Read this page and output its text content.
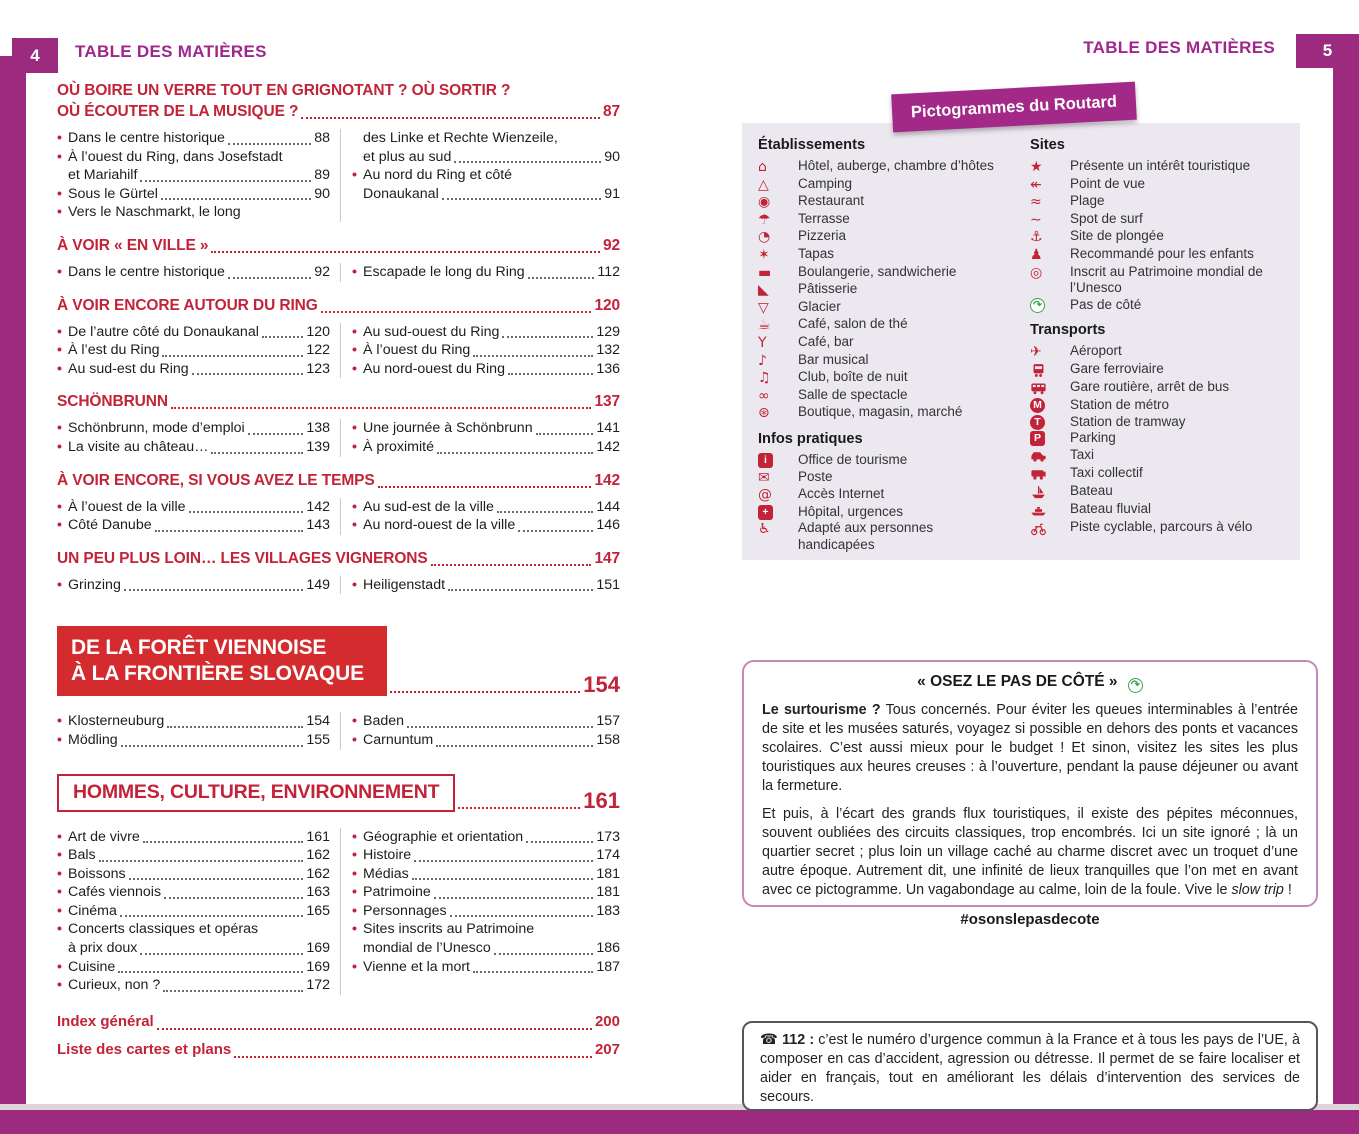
4	5
TABLE DES MATIÈRES	TABLE DES MATIÈRES
OÙ BOIRE UN VERRE TOUT EN GRIGNOTANT ? OÙ SORTIR ?
OÙ ÉCOUTER DE LA MUSIQUE ?	87
• Dans le centre historique	88
• À l’ouest du Ring, dans Josefstadt
et Mariahilf	89
• Sous le Gürtel	90
• Vers le Naschmarkt, le long
des Linke et Rechte Wienzeile,
et plus au sud	90
• Au nord du Ring et côté
Donaukanal	91
À VOIR « EN VILLE »	92
• Dans le centre historique	92 • Escapade le long du Ring	112
À VOIR ENCORE AUTOUR DU RING	120
• De l’autre côté du Donaukanal	120
• À l’est du Ring	122
• Au sud-est du Ring	123
• Au sud-ouest du Ring	129
• À l’ouest du Ring	132
• Au nord-ouest du Ring	136
SCHÖNBRUNN	137
• Schönbrunn, mode d’emploi	138
• La visite au château…	139
• Une journée à Schönbrunn	141
• À proximité	142
À VOIR ENCORE, SI VOUS AVEZ LE TEMPS	142
• À l’ouest de la ville	142
• Côté Danube	143
• Au sud-est de la ville	144
• Au nord-ouest de la ville	146
UN PEU PLUS LOIN… LES VILLAGES VIGNERONS	147
• Grinzing	149 • Heiligenstadt	151
DE LA FORÊT VIENNOISE
À LA FRONTIÈRE SLOVAQUE	154
• Klosterneuburg	154
• Mödling	155
• Baden	157
• Carnuntum	158
HOMMES, CULTURE, ENVIRONNEMENT	161
• Art de vivre	161
• Bals	162
• Boissons	162
• Cafés viennois	163
• Cinéma	165
• Concerts classiques et opéras
à prix doux	169
• Cuisine	169
• Curieux, non ?	172
• Géographie et orientation	173
• Histoire	174
• Médias	181
• Patrimoine	181
• Personnages	183
• Sites inscrits au Patrimoine
mondial de l’Unesco	186
• Vienne et la mort	187
Index général	200
Liste des cartes et plans	207
Établissements
⌂	Hôtel, auberge, chambre d’hôtes
△	Camping
◉	Restaurant
☂	Terrasse
◔	Pizzeria
✶	Tapas
▬	Boulangerie, sandwicherie
◣	Pâtisserie
▽	Glacier
☕	Café, salon de thé
Y	Café, bar
♪	Bar musical
♫	Club, boîte de nuit
∞	Salle de spectacle
⊛	Boutique, magasin, marché
Infos pratiques
i	Office de tourisme
✉	Poste
@	Accès Internet
+	Hôpital, urgences
♿	Adapté aux personnes handicapées
Sites
★	Présente un intérêt touristique
↞	Point de vue
≈	Plage
∼	Spot de surf
⚓	Site de plongée
♟	Recommandé pour les enfants
◎	Inscrit au Patrimoine mondial de l’Unesco
↷ Pas de côté
Transports
✈	Aéroport
Gare ferroviaire
Gare routière, arrêt de bus
M Station de métro
T	Station de tramway
P Parking
Taxi
Taxi collectif
Bateau
Bateau fluvial
Piste cyclable, parcours à vélo
Pictogrammes du Routard
« OSEZ LE PAS DE CÔTÉ » ↷

Le surtourisme ? Tous concernés. Pour éviter les queues interminables à l’entrée de site et les musées saturés, voyagez si possible en dehors des ponts et vacances scolaires. C’est aussi mieux pour le budget ! Et sinon, visitez les sites les plus touristiques aux heures creuses : à l’ouverture, pendant la pause déjeuner ou avant la fermeture.

Et puis, à l’écart des grands flux touristiques, il existe des pépites méconnues, souvent oubliées des circuits classiques, trop encombrés. Ici un site ignoré ; là un quartier secret ; plus loin un village caché au charme discret avec un troquet d’une autre époque. Autrement dit, une infinité de lieux tranquilles que l’on met en avant avec ce pictogramme. Un vagabondage au calme, loin de la foule. Vive le slow trip !

#osonslepasdecote

☎ 112 : c’est le numéro d’urgence commun à la France et à tous les pays de l’UE, à composer en cas d’accident, agression ou détresse. Il permet de se faire localiser et aider en français, tout en améliorant les délais d’intervention des services de secours.
